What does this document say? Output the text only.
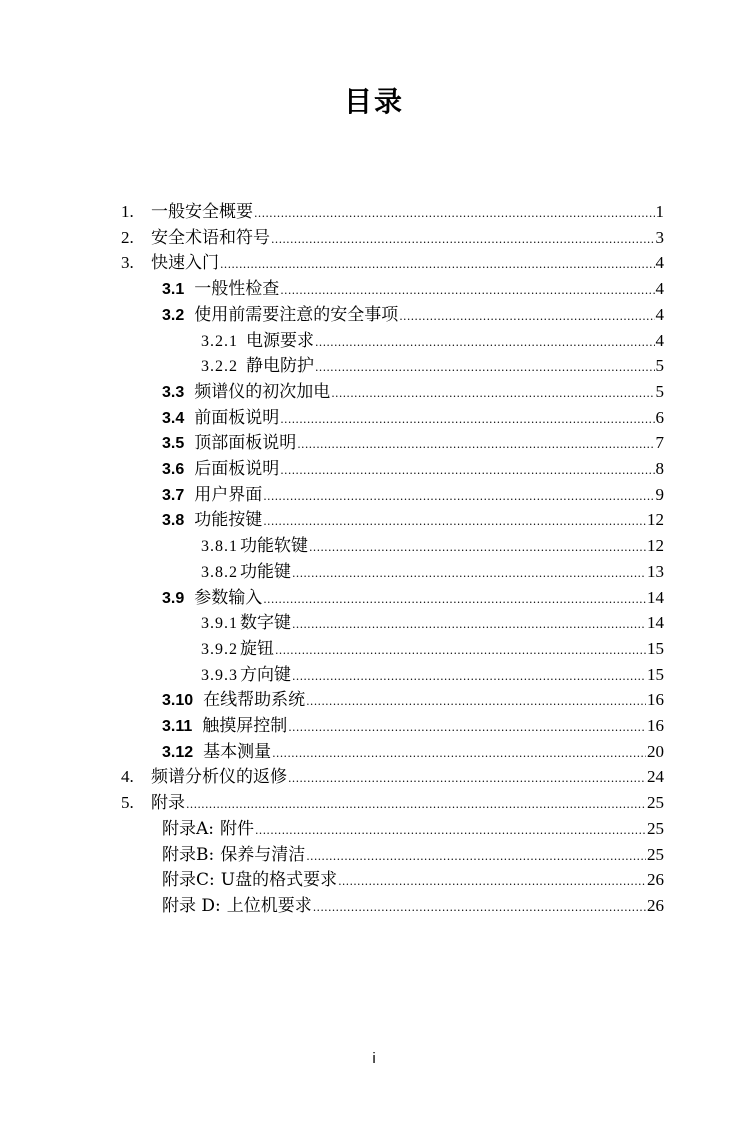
目录
1.	一般安全概要 .....	1
2.	安全术语和符号 .....	3
3.	快速入门 .....	4
3.1 一般性检查 .....	4
3.2 使用前需要注意的安全事项 .....	4
3.2.1 电源要求 .....	4
3.2.2 静电防护 .....	5
3.3 频谱仪的初次加电 .....	5
3.4 前面板说明 .....	6
3.5 顶部面板说明 .....	7
3.6 后面板说明 .....	8
3.7 用户界面 .....	9
3.8 功能按键 .....	12
3.8.1 功能软键 .....	12
3.8.2 功能键 .....	13
3.9 参数输入 .....	14
3.9.1 数字键 .....	14
3.9.2 旋钮 .....	15
3.9.3 方向键 .....	15
3.10 在线帮助系统 .....	16
3.11 触摸屏控制 .....	16
3.12 基本测量 .....	20
4.	频谱分析仪的返修 .....	24
5.	附录 .....	25
附录A: 附件 .....	25
附录B: 保养与清洁 .....	25
附录C: U盘的格式要求 .....	26
附录 D: 上位机要求 .....	26
i
